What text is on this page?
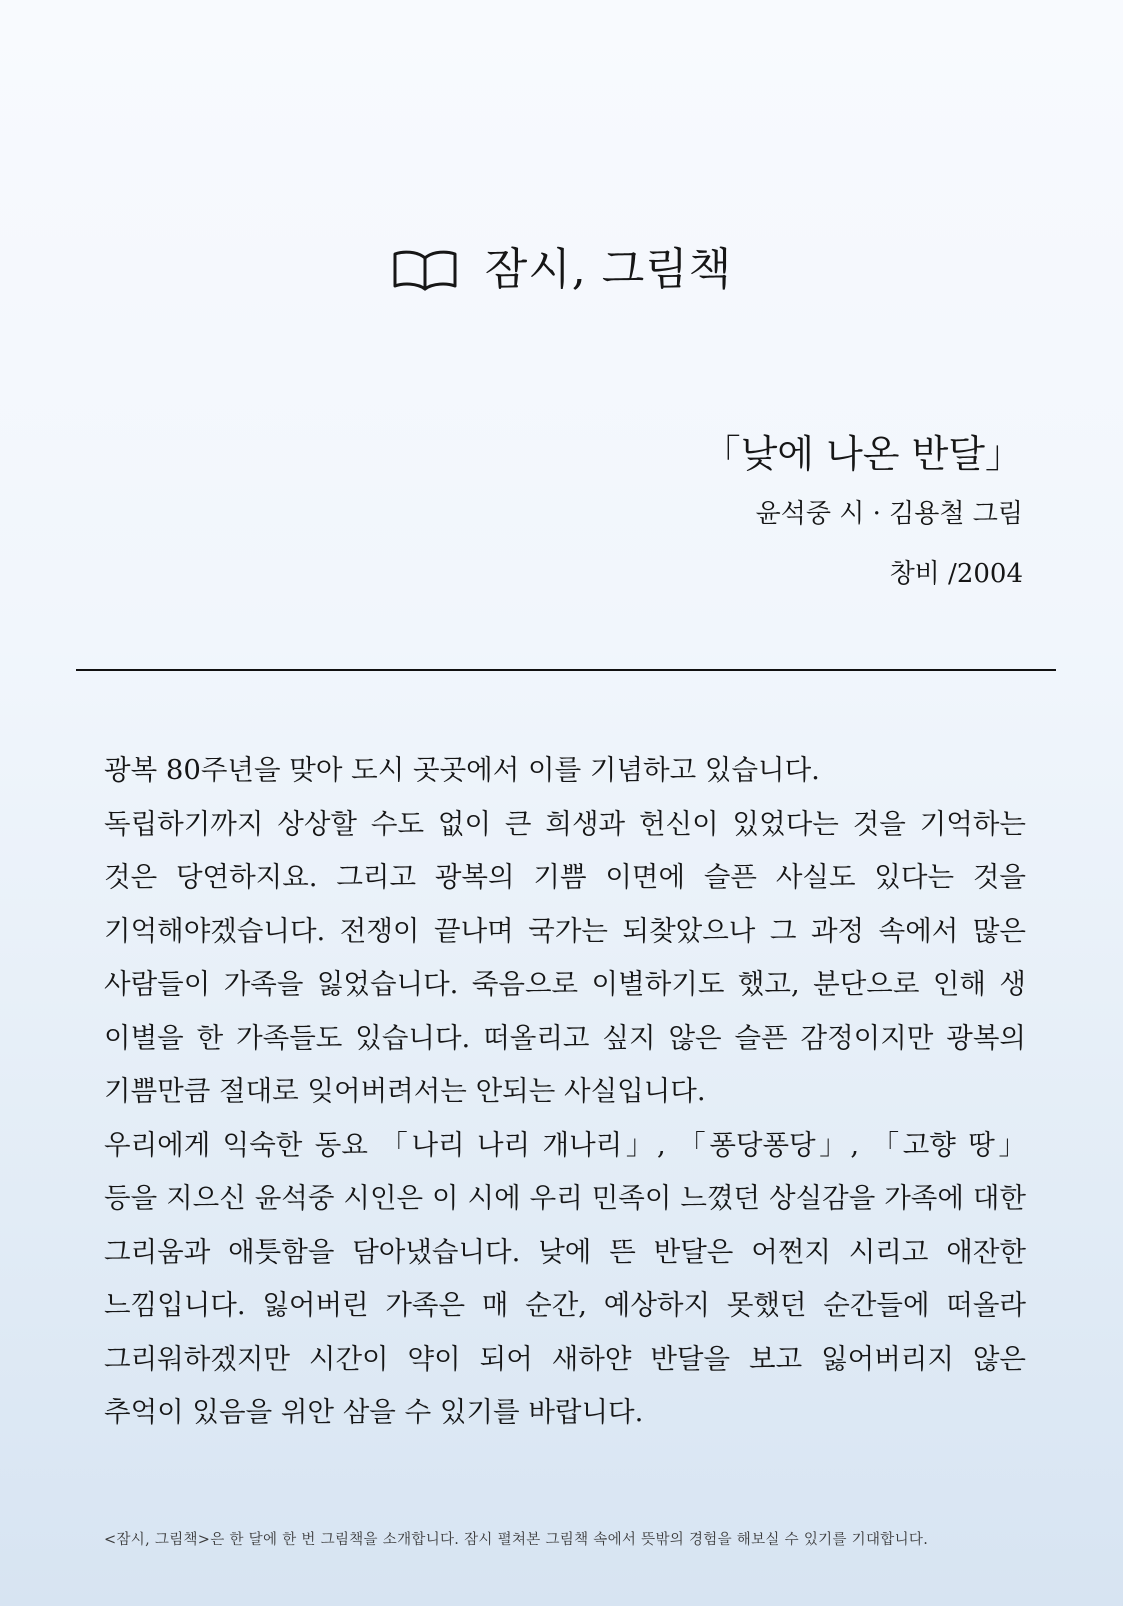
잠시, 그림책
「낮에 나온 반달」
윤석중 시 · 김용철 그림
창비 /2004

광복 80주년을 맞아 도시 곳곳에서 이를 기념하고 있습니다.

독립하기까지 상상할 수도 없이 큰 희생과 헌신이 있었다는 것을 기억하는 것은 당연하지요. 그리고 광복의 기쁨 이면에 슬픈 사실도 있다는 것을 기억해야겠습니다. 전쟁이 끝나며 국가는 되찾았으나 그 과정 속에서 많은 사람들이 가족을 잃었습니다. 죽음으로 이별하기도 했고, 분단으로 인해 생 이별을 한 가족들도 있습니다. 떠올리고 싶지 않은 슬픈 감정이지만 광복의 기쁨만큼 절대로 잊어버려서는 안되는 사실입니다.

우리에게 익숙한 동요 「나리 나리 개나리」, 「퐁당퐁당」, 「고향 땅」 등을 지으신 윤석중 시인은 이 시에 우리 민족이 느꼈던 상실감을 가족에 대한 그리움과 애틋함을 담아냈습니다. 낮에 뜬 반달은 어쩐지 시리고 애잔한 느낌입니다. 잃어버린 가족은 매 순간, 예상하지 못했던 순간들에 떠올라 그리워하겠지만 시간이 약이 되어 새하얀 반달을 보고 잃어버리지 않은 추억이 있음을 위안 삼을 수 있기를 바랍니다.

<잠시, 그림책>은 한 달에 한 번 그림책을 소개합니다. 잠시 펼쳐본 그림책 속에서 뜻밖의 경험을 해보실 수 있기를 기대합니다.
